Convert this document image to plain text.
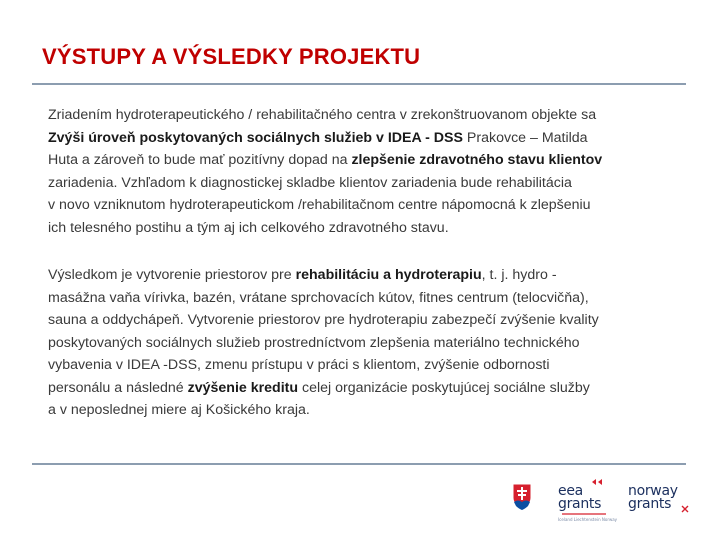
VÝSTUPY A VÝSLEDKY PROJEKTU
Zriadením hydroterapeutického / rehabilitačného centra v zrekonštruovanom objekte sa
Zvýši úroveň poskytovaných sociálnych služieb v IDEA - DSS Prakovce – Matilda
Huta a zároveň to bude mať pozitívny dopad na zlepšenie zdravotného stavu klientov
zariadenia. Vzhľadom k diagnostickej skladbe klientov zariadenia bude rehabilitácia
v novo vzniknutom hydroterapeutickom /rehabilitačnom centre nápomocná k zlepšeniu
ich telesného postihu a tým aj ich celkového zdravotného stavu.
Výsledkom je vytvorenie priestorov pre rehabilitáciu a hydroterapiu, t. j. hydro -
masážna vaňa vírivka, bazén, vrátane sprchovacích kútov, fitnes centrum (telocvičňa),
sauna a oddychápeň. Vytvorenie priestorov pre hydroterapiu zabezpečí zvýšenie kvality
poskytovaných sociálnych služieb prostredníctvom zlepšenia materiálno technického
vybavenia v IDEA -DSS, zmenu prístupu v práci s klientom, zvýšenie odbornosti
personálu a následné zvýšenie kreditu celej organizácie poskytujúcej sociálne služby
a v neposlednej miere aj Košického kraja.
eea
grants
Iceland Liechtenstein Norway
norway
grants
